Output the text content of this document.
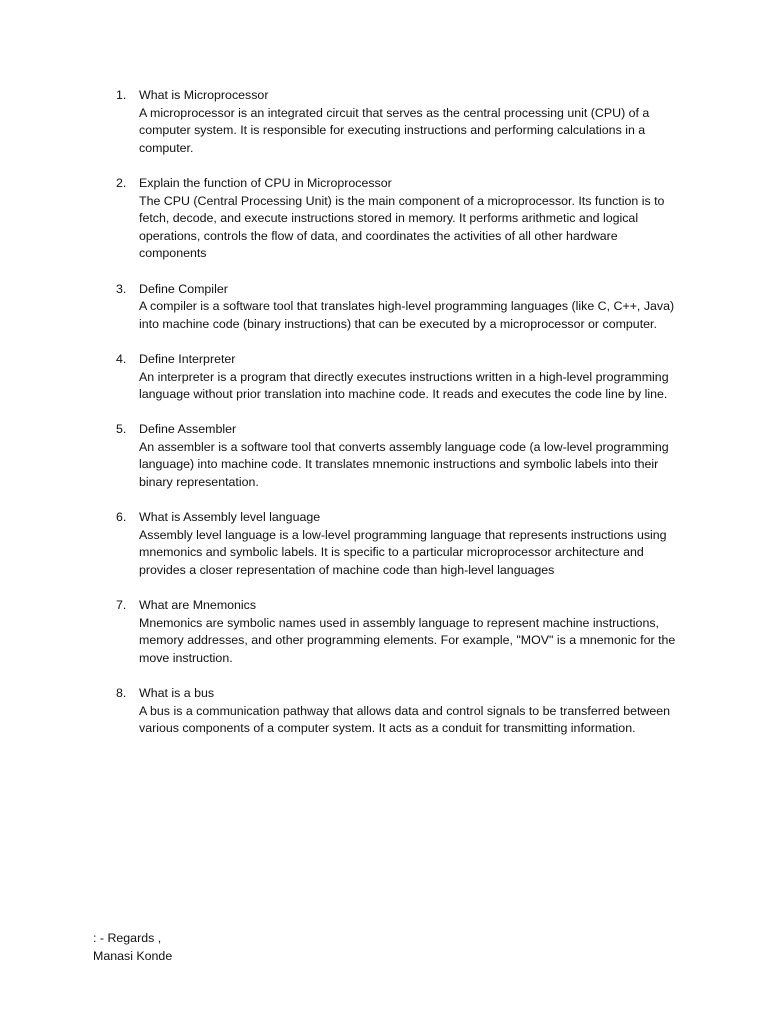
1.	What is Microprocessor
A microprocessor is an integrated circuit that serves as the central processing unit (CPU) of a computer system. It is responsible for executing instructions and performing calculations in a computer.
2.	Explain the function of CPU in Microprocessor
The CPU (Central Processing Unit) is the main component of a microprocessor. Its function is to fetch, decode, and execute instructions stored in memory. It performs arithmetic and logical operations, controls the flow of data, and coordinates the activities of all other hardware components
3.	Define Compiler
A compiler is a software tool that translates high-level programming languages (like C, C++, Java) into machine code (binary instructions) that can be executed by a microprocessor or computer.
4.	Define Interpreter
An interpreter is a program that directly executes instructions written in a high-level programming language without prior translation into machine code. It reads and executes the code line by line.
5.	Define Assembler
An assembler is a software tool that converts assembly language code (a low-level programming language) into machine code. It translates mnemonic instructions and symbolic labels into their binary representation.
6.	What is Assembly level language
Assembly level language is a low-level programming language that represents instructions using mnemonics and symbolic labels. It is specific to a particular microprocessor architecture and provides a closer representation of machine code than high-level languages
7.	What are Mnemonics
Mnemonics are symbolic names used in assembly language to represent machine instructions, memory addresses, and other programming elements. For example, "MOV" is a mnemonic for the move instruction.
8.	What is a bus
A bus is a communication pathway that allows data and control signals to be transferred between various components of a computer system. It acts as a conduit for transmitting information.
: - Regards ,
Manasi Konde
